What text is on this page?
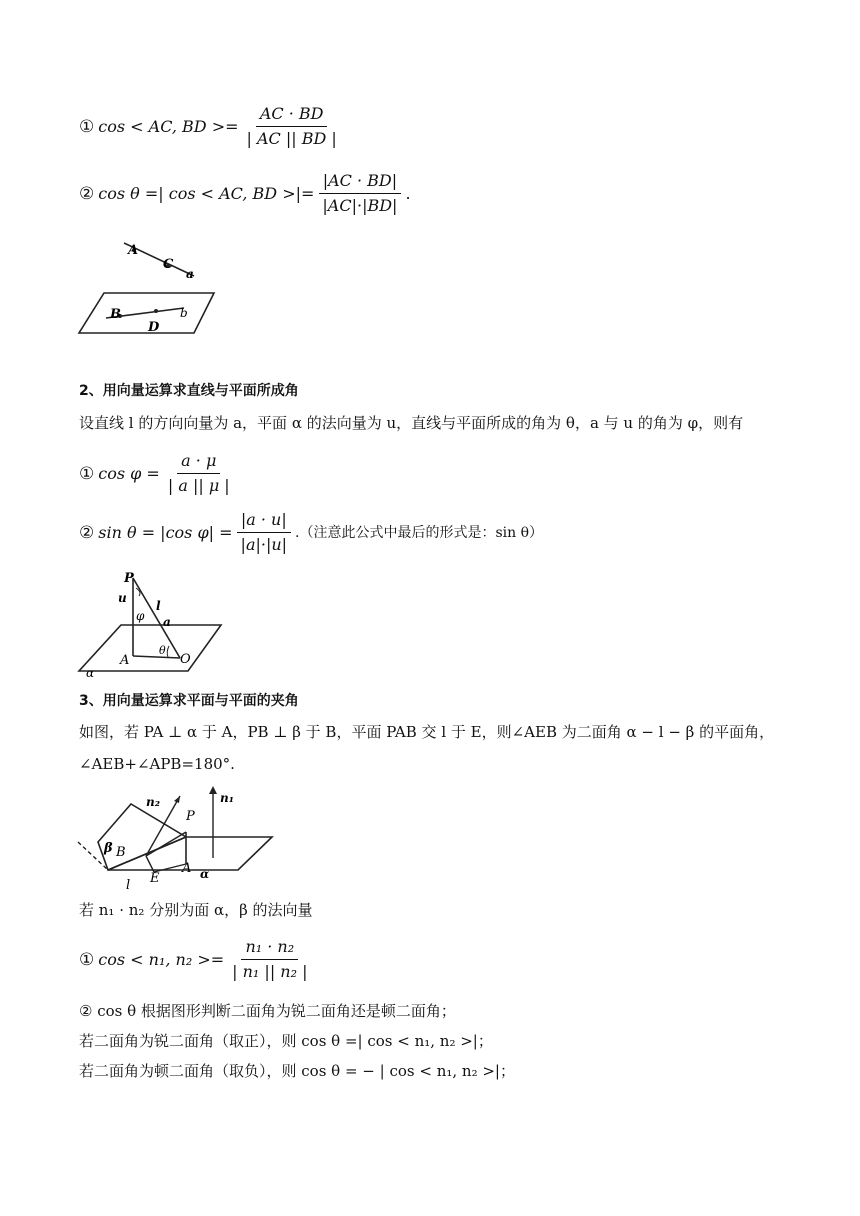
① cos < AC, BD >= $\frac{AC \cdot BD}{| AC || BD |}$
② cos θ =| cos < AC, BD >|= $\frac{|AC \cdot BD|}{|AC|\cdot|BD|}$ .
A
C
a
B
D
b
2、用向量运算求直线与平面所成角
设直线 l 的方向向量为 a，平面 α 的法向量为 u，直线与平面所成的角为 θ，a 与 u 的角为 φ，则有
① $\cos \varphi = \frac{a \cdot \mu}{| a || \mu |}$
② sin θ = |cos $\varphi| = \frac{|a \cdot u|}{|a|\cdot|u|}$ .（注意此公式中最后的形式是：sin θ）
P
u
φ
l
a
A
θ
O
α
3、用向量运算求平面与平面的夹角
如图，若 PA ⊥ α 于 A，PB ⊥ β 于 B，平面 PAB 交 l 于 E，则∠AEB 为二面角 α − l − β 的平面角，
∠AEB+∠APB=180°.
n₂	n₁
P
β B
A
E	α
l
若 n₁ · n₂ 分别为面 α，β 的法向量
① cos < n₁, $n_2 >= \frac{\text{n₁ · n₂}}{\text{| n₁ || n₂ |}}$
② cos θ 根据图形判断二面角为锐二面角还是顿二面角；
若二面角为锐二面角（取正），则 cos θ =| cos < n₁, n₂ >|；
若二面角为顿二面角（取负），则 cos θ = − | cos < n₁, n₂ >|；
